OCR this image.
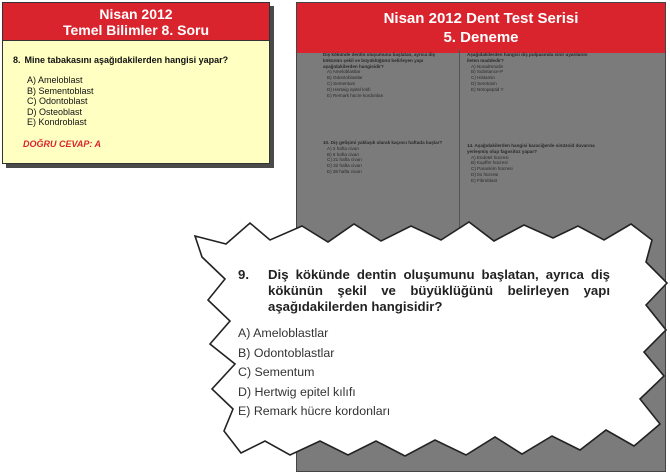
Nisan 2012
Temel Bilimler 8. Soru
8. Mine tabakasını aşağıdakilerden hangisi yapar?
A) Ameloblast
B) Sementoblast
C) Odontoblast
D) Osteoblast
E) Kondroblast
DOĞRU CEVAP: A
Nisan 2012 Dent Test Serisi
5. Deneme
Diş kökünde dentin oluşumunu başlatan, ayrıca diş kökünün şekil ve büyüklüğünü belirleyen yapı aşağıdakilerden hangisidir?
A) Ameloblastlar
B) Odontoblastlar
C) Sementum
D) Hertwig epitel kılıfı
E) Remark hücre kordonları
10. Diş gelişimi yaklaşık olarak kaçıncı haftada başlar?
A) 2 hafta civarı
B) 6 hafta civarı
C) 21 hafta civarı
D) 32 hafta civarı
E) 38 hafta civarı
Aşağıdakilerden hangisi diş pulpasında sinir uyarılarını ileten maddedir?
A) Noradrenalin
B) Substance-P
C) Histamin
D) Serotonin
E) Nöropeptid Y
14. Aşağıdakilerden hangisi karaciğerde sinüzoid duvarına yerleşmiş olup fagositoz yapar?
A) Endotel hücresi
B) Kupffer hücresi
C) Parankim hücresi
D) Ito hücresi
E) Fibroblast
9.	Diş kökünde dentin oluşumunu başlatan, ayrıca diş kökünün şekil ve büyüklüğünü belirleyen yapı aşağıdakilerden hangisidir?
A) Ameloblastlar
B) Odontoblastlar
C) Sementum
D) Hertwig epitel kılıfı
E) Remark hücre kordonları
